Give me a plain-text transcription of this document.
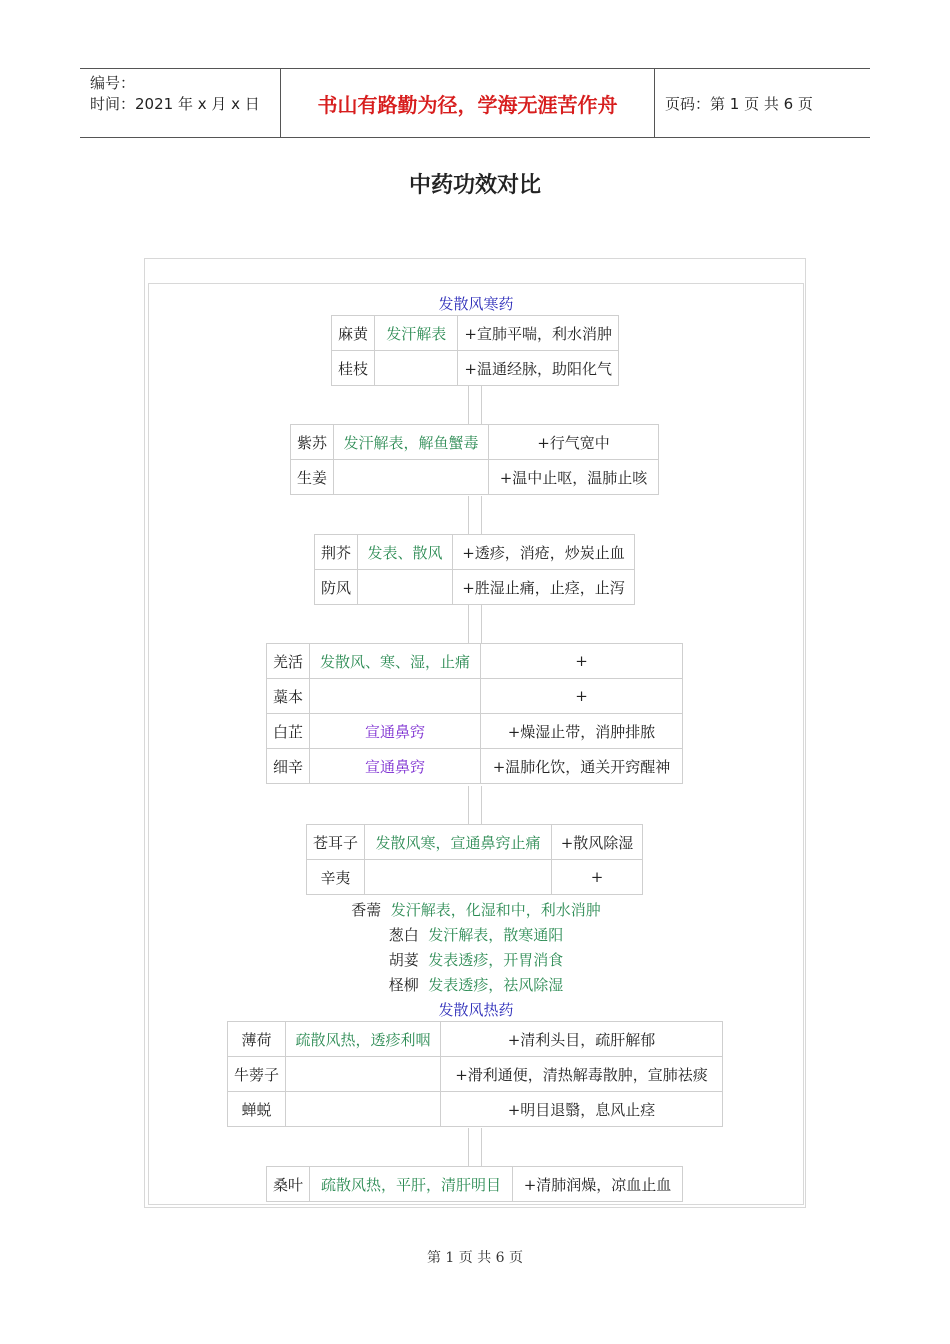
编号：
时间：2021 年 x 月 x 日	书山有路勤为径，学海无涯苦作舟	页码：第 1 页 共 6 页
中药功效对比
发散风寒药
麻黄	发汗解表	+宣肺平喘，利水消肿
桂枝		+温通经脉，助阳化气
紫苏	发汗解表，解鱼蟹毒	+行气宽中
生姜		+温中止呕，温肺止咳
荆芥	发表、散风	+透疹，消疮，炒炭止血
防风		+胜湿止痛，止痉，止泻
羌活	发散风、寒、湿，止痛	+
藁本		+
白芷	宣通鼻窍	+燥湿止带，消肿排脓
细辛	宣通鼻窍	+温肺化饮，通关开窍醒神
苍耳子	发散风寒，宣通鼻窍止痛	+散风除湿
辛夷		+
香薷 发汗解表，化湿和中，利水消肿
葱白 发汗解表，散寒通阳
胡荽 发表透疹，开胃消食
柽柳 发表透疹，祛风除湿
发散风热药
薄荷	疏散风热，透疹利咽	+清利头目，疏肝解郁
牛蒡子		+滑利通便，清热解毒散肿，宣肺祛痰
蝉蜕		+明目退翳，息风止痉
桑叶	疏散风热，平肝，清肝明目	+清肺润燥，凉血止血
第 1 页 共 6 页
